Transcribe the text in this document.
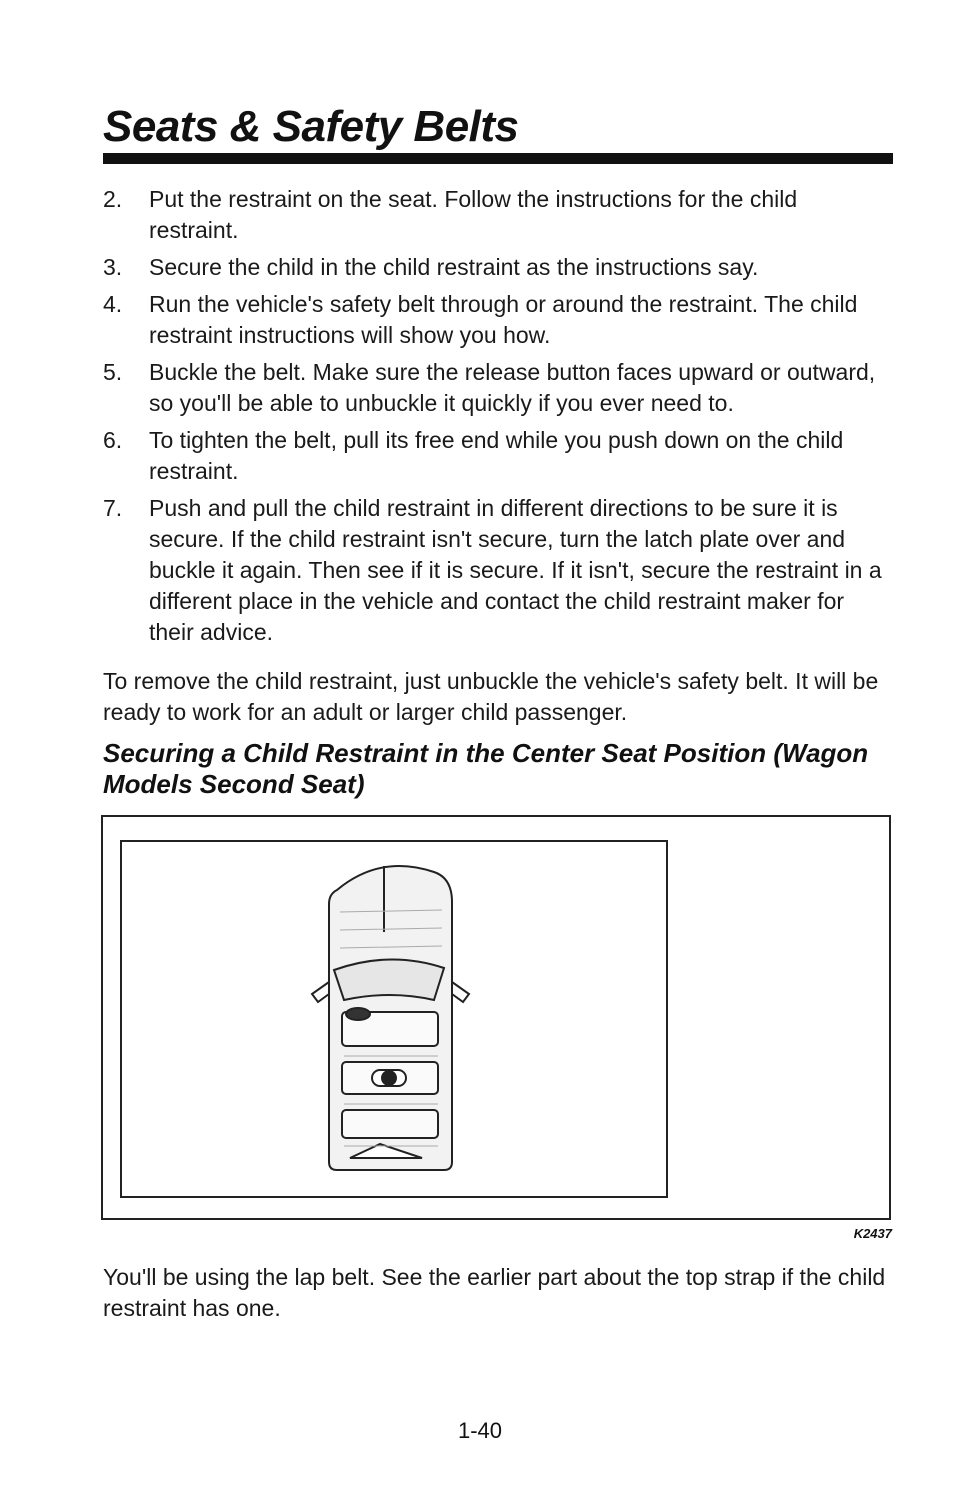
Seats & Safety Belts
2. Put the restraint on the seat. Follow the instructions for the child restraint.
3. Secure the child in the child restraint as the instructions say.
4. Run the vehicle's safety belt through or around the restraint. The child restraint instructions will show you how.
5. Buckle the belt. Make sure the release button faces upward or outward, so you'll be able to unbuckle it quickly if you ever need to.
6. To tighten the belt, pull its free end while you push down on the child restraint.
7. Push and pull the child restraint in different directions to be sure it is secure. If the child restraint isn't secure, turn the latch plate over and buckle it again. Then see if it is secure. If it isn't, secure the restraint in a different place in the vehicle and contact the child restraint maker for their advice.

To remove the child restraint, just unbuckle the vehicle's safety belt. It will be ready to work for an adult or larger child passenger.

Securing a Child Restraint in the Center Seat Position (Wagon Models Second Seat)
K2437

You'll be using the lap belt. See the earlier part about the top strap if the child restraint has one.

1-40
